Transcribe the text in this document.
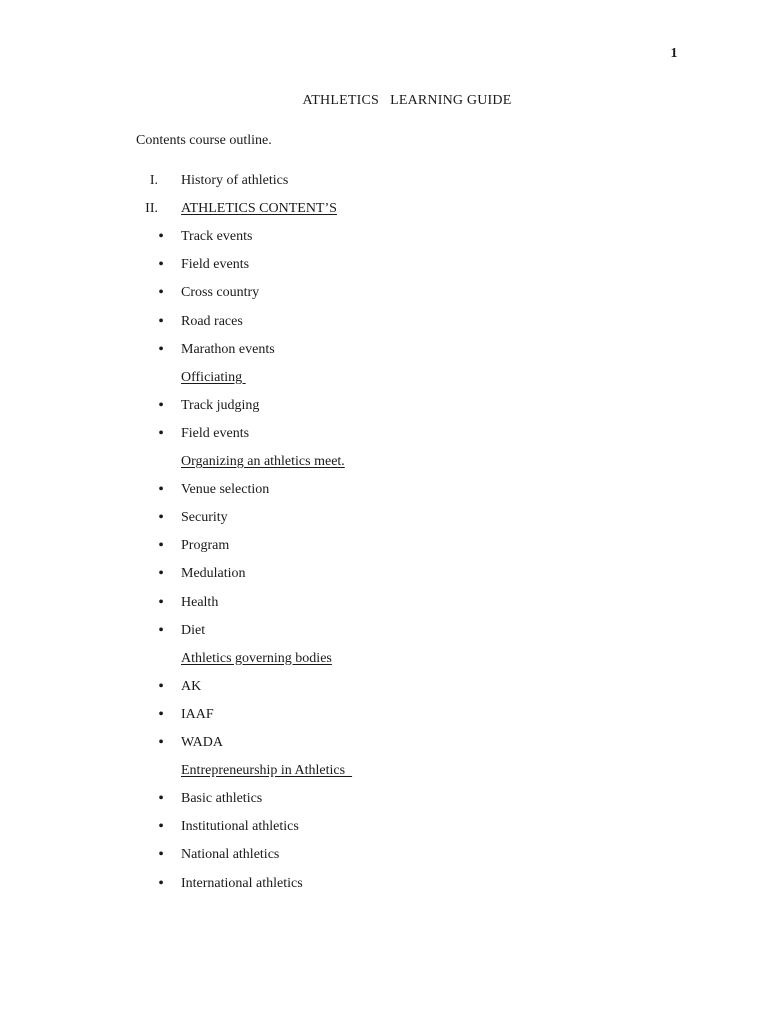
1
ATHLETICS   LEARNING GUIDE
Contents course outline.
I. History of athletics
II. ATHLETICS CONTENT’S
• Track events
• Field events
• Cross country
• Road races
• Marathon events
Officiating
• Track judging
• Field events
Organizing an athletics meet.
• Venue selection
• Security
• Program
• Medulation
• Health
• Diet
Athletics governing bodies
• AK
• IAAF
• WADA
Entrepreneurship in Athletics
• Basic athletics
• Institutional athletics
• National athletics
• International athletics
